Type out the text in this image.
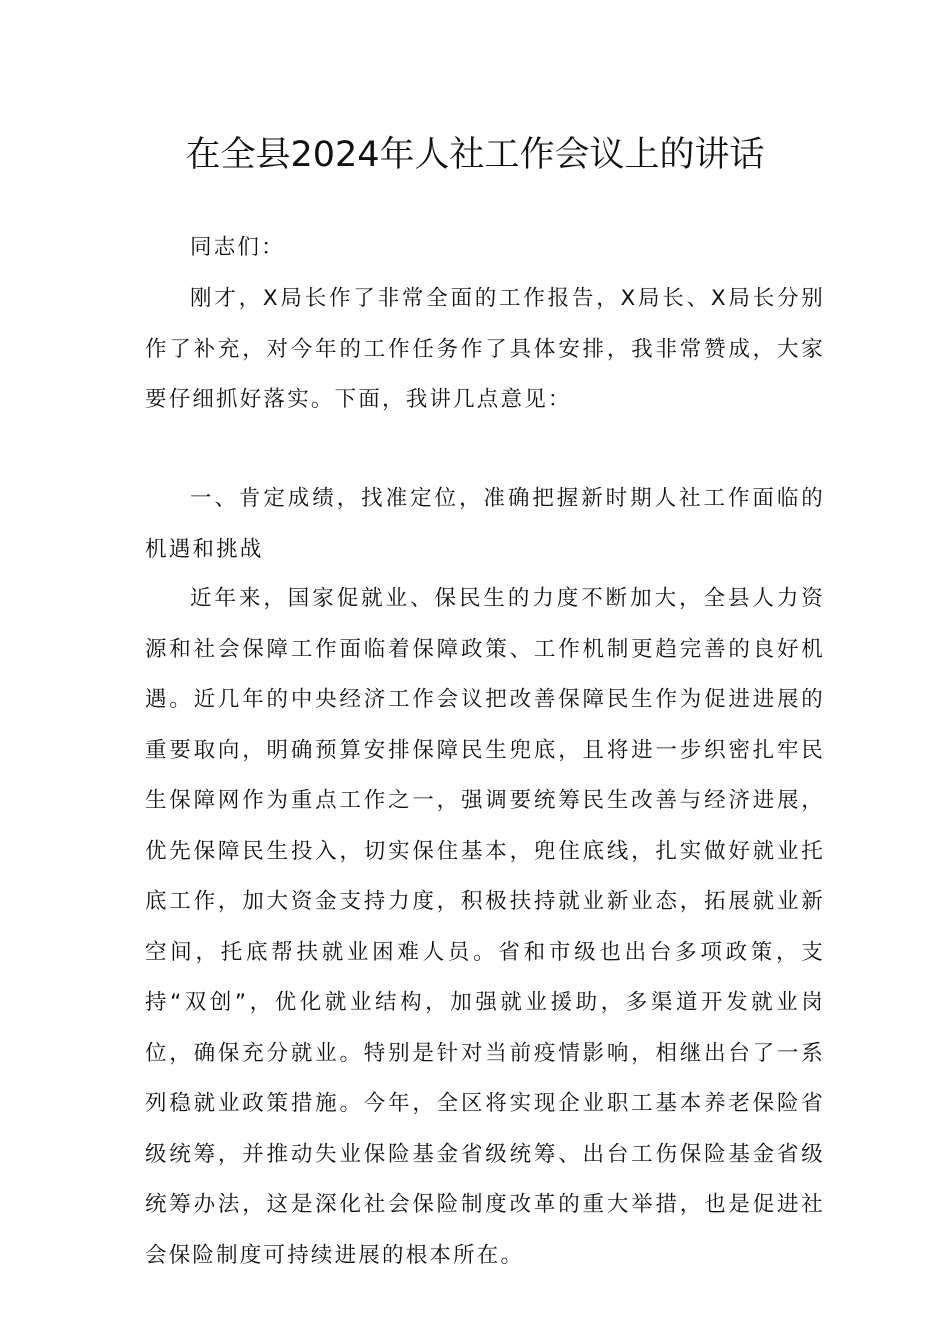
在全县2024年人社工作会议上的讲话

同志们：

刚才，X局长作了非常全面的工作报告，X局长、X局长分别作了补充，对今年的工作任务作了具体安排，我非常赞成，大家要仔细抓好落实。下面，我讲几点意见：

一、肯定成绩，找准定位，准确把握新时期人社工作面临的机遇和挑战

近年来，国家促就业、保民生的力度不断加大，全县人力资源和社会保障工作面临着保障政策、工作机制更趋完善的良好机遇。近几年的中央经济工作会议把改善保障民生作为促进进展的重要取向，明确预算安排保障民生兜底，且将进一步织密扎牢民生保障网作为重点工作之一，强调要统筹民生改善与经济进展，优先保障民生投入，切实保住基本，兜住底线，扎实做好就业托底工作，加大资金支持力度，积极扶持就业新业态，拓展就业新空间，托底帮扶就业困难人员。省和市级也出台多项政策，支持“双创”，优化就业结构，加强就业援助，多渠道开发就业岗位，确保充分就业。特别是针对当前疫情影响，相继出台了一系列稳就业政策措施。今年，全区将实现企业职工基本养老保险省级统筹，并推动失业保险基金省级统筹、出台工伤保险基金省级统筹办法，这是深化社会保险制度改革的重大举措，也是促进社会保险制度可持续进展的根本所在。
